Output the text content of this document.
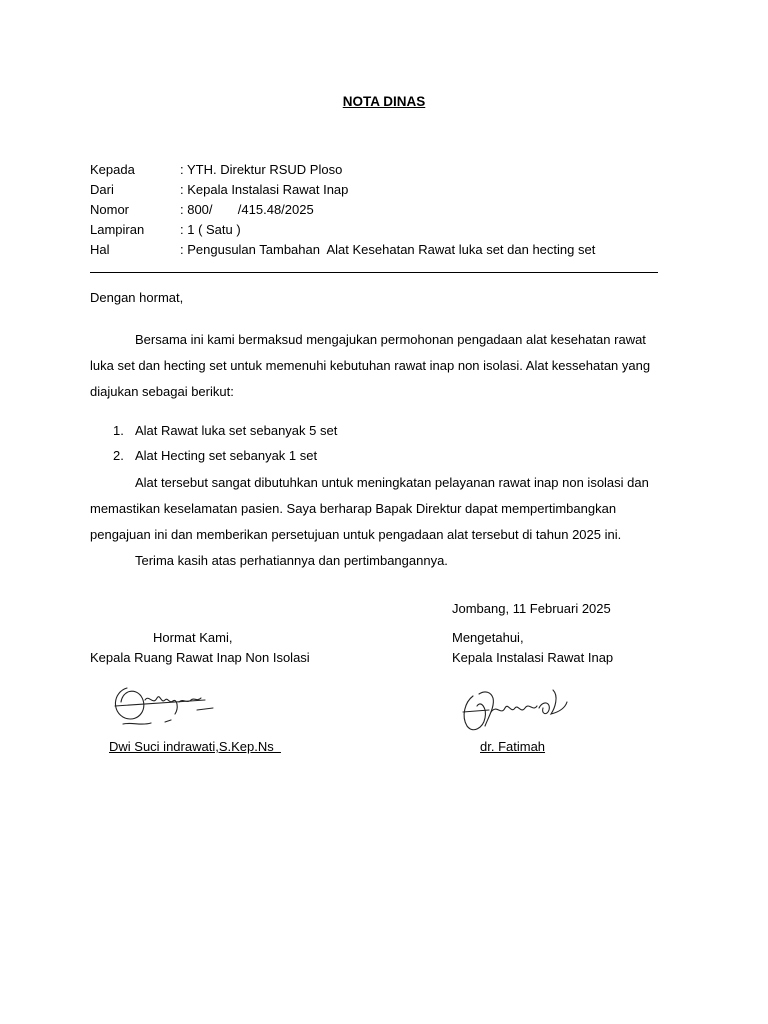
NOTA DINAS
Kepada	: YTH. Direktur RSUD Ploso
Dari	: Kepala Instalasi Rawat Inap
Nomor	: 800/       /415.48/2025
Lampiran	: 1 ( Satu )
Hal	: Pengusulan Tambahan  Alat Kesehatan Rawat luka set dan hecting set
Dengan hormat,
Bersama ini kami bermaksud mengajukan permohonan pengadaan alat kesehatan rawat luka set dan hecting set untuk memenuhi kebutuhan rawat inap non isolasi. Alat kessehatan yang diajukan sebagai berikut:
1. Alat Rawat luka set sebanyak 5 set
2. Alat Hecting set sebanyak 1 set
Alat tersebut sangat dibutuhkan untuk meningkatan pelayanan rawat inap non isolasi dan memastikan keselamatan pasien. Saya berharap Bapak Direktur dapat mempertimbangkan pengajuan ini dan memberikan persetujuan untuk pengadaan alat tersebut di tahun 2025 ini.
Terima kasih atas perhatiannya dan pertimbangannya.
Jombang, 11 Februari 2025
Hormat Kami,
Kepala Ruang Rawat Inap Non Isolasi
Mengetahui,
Kepala Instalasi Rawat Inap
Dwi Suci indrawati,S.Kep.Ns	dr. Fatimah
